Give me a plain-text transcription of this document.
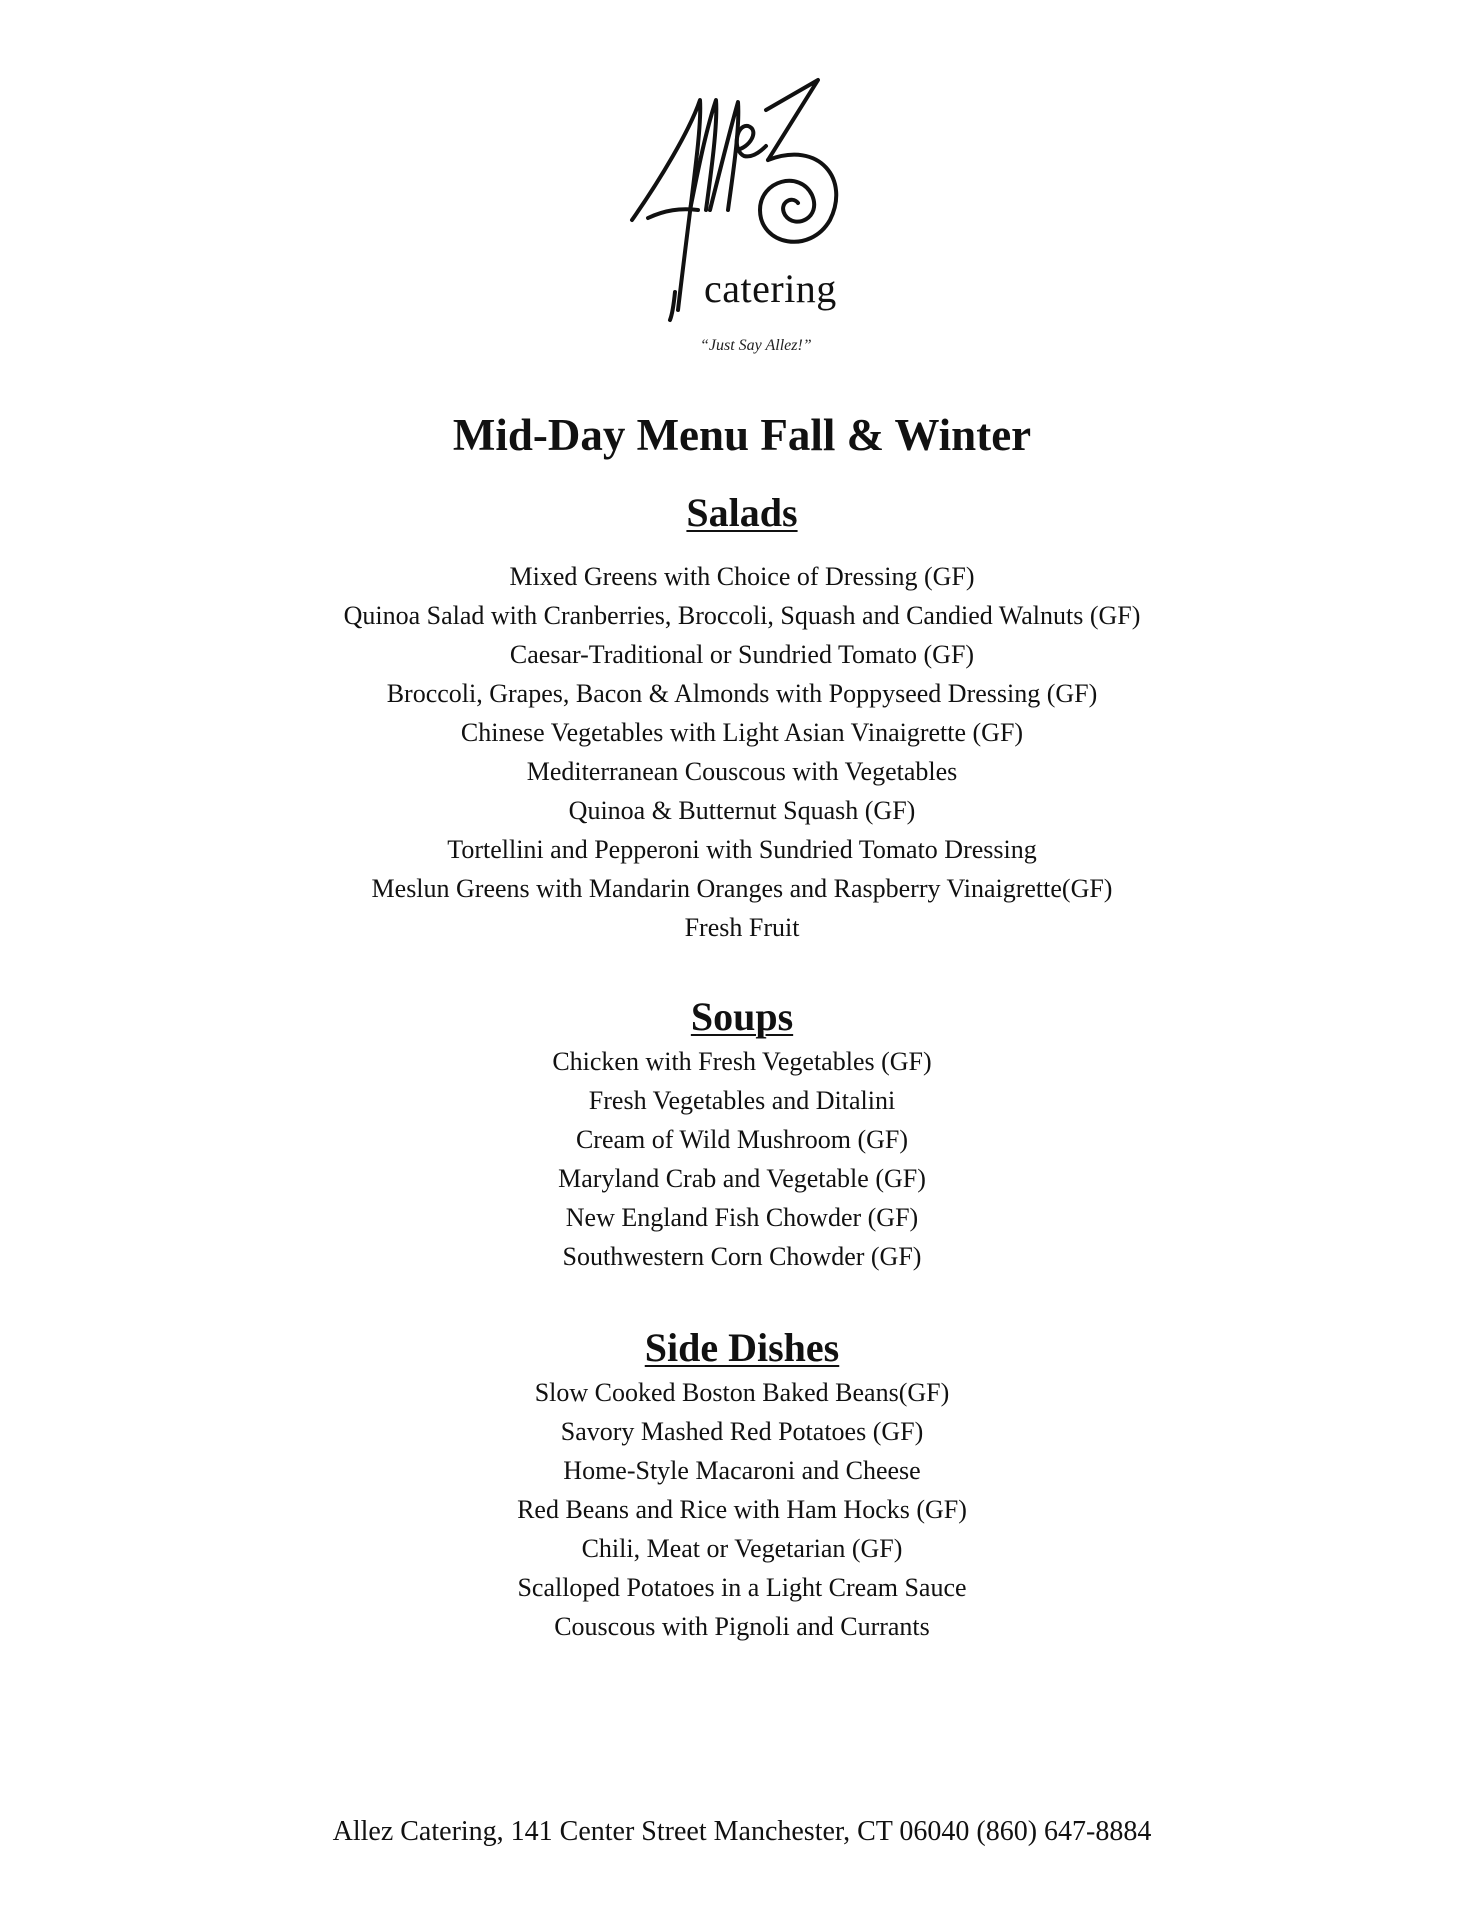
catering
“Just Say Allez!”
Mid-Day Menu Fall & Winter
Salads
Mixed Greens with Choice of Dressing (GF)
Quinoa Salad with Cranberries, Broccoli, Squash and Candied Walnuts (GF)
Caesar-Traditional or Sundried Tomato (GF)
Broccoli, Grapes, Bacon & Almonds with Poppyseed Dressing (GF)
Chinese Vegetables with Light Asian Vinaigrette (GF)
Mediterranean Couscous with Vegetables
Quinoa & Butternut Squash (GF)
Tortellini and Pepperoni with Sundried Tomato Dressing
Meslun Greens with Mandarin Oranges and Raspberry Vinaigrette(GF)
Fresh Fruit
Soups
Chicken with Fresh Vegetables (GF)
Fresh Vegetables and Ditalini
Cream of Wild Mushroom (GF)
Maryland Crab and Vegetable (GF)
New England Fish Chowder (GF)
Southwestern Corn Chowder (GF)
Side Dishes
Slow Cooked Boston Baked Beans(GF)
Savory Mashed Red Potatoes (GF)
Home-Style Macaroni and Cheese
Red Beans and Rice with Ham Hocks (GF)
Chili, Meat or Vegetarian (GF)
Scalloped Potatoes in a Light Cream Sauce
Couscous with Pignoli and Currants
Allez Catering, 141 Center Street Manchester, CT 06040 (860) 647-8884
